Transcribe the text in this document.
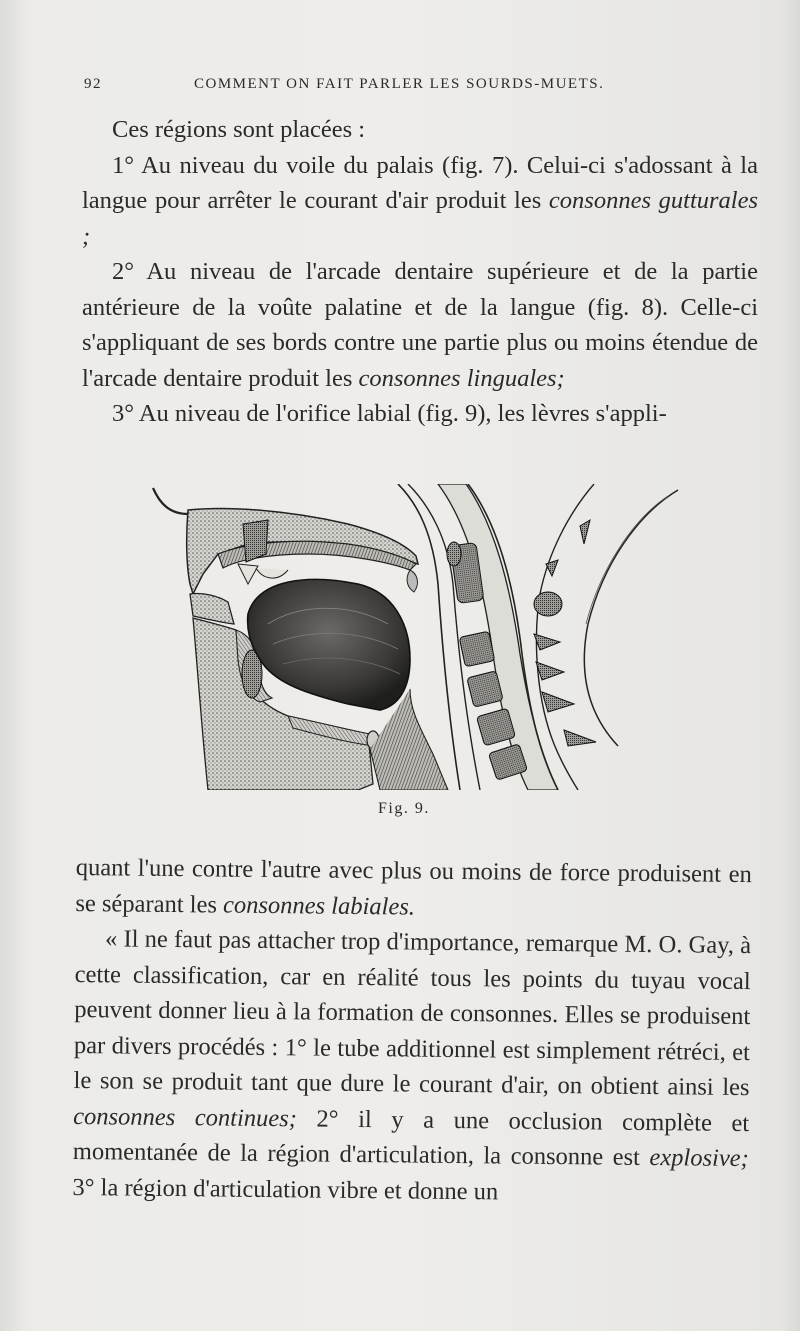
92	COMMENT ON FAIT PARLER LES SOURDS-MUETS.

Ces régions sont placées :

1° Au niveau du voile du palais (fig. 7). Celui-ci s'adossant à la langue pour arrêter le courant d'air produit les consonnes gutturales ;

2° Au niveau de l'arcade dentaire supérieure et de la partie antérieure de la voûte palatine et de la langue (fig. 8). Celle-ci s'appliquant de ses bords contre une partie plus ou moins étendue de l'arcade dentaire produit les consonnes linguales;

3° Au niveau de l'orifice labial (fig. 9), les lèvres s'appli-

Fig. 9.

quant l'une contre l'autre avec plus ou moins de force produisent en se séparant les consonnes labiales.

« Il ne faut pas attacher trop d'importance, remarque M. O. Gay, à cette classification, car en réalité tous les points du tuyau vocal peuvent donner lieu à la formation de consonnes. Elles se produisent par divers procédés : 1° le tube additionnel est simplement rétréci, et le son se produit tant que dure le courant d'air, on obtient ainsi les consonnes continues; 2° il y a une occlusion complète et momentanée de la région d'articulation, la consonne est explosive; 3° la région d'articulation vibre et donne un
